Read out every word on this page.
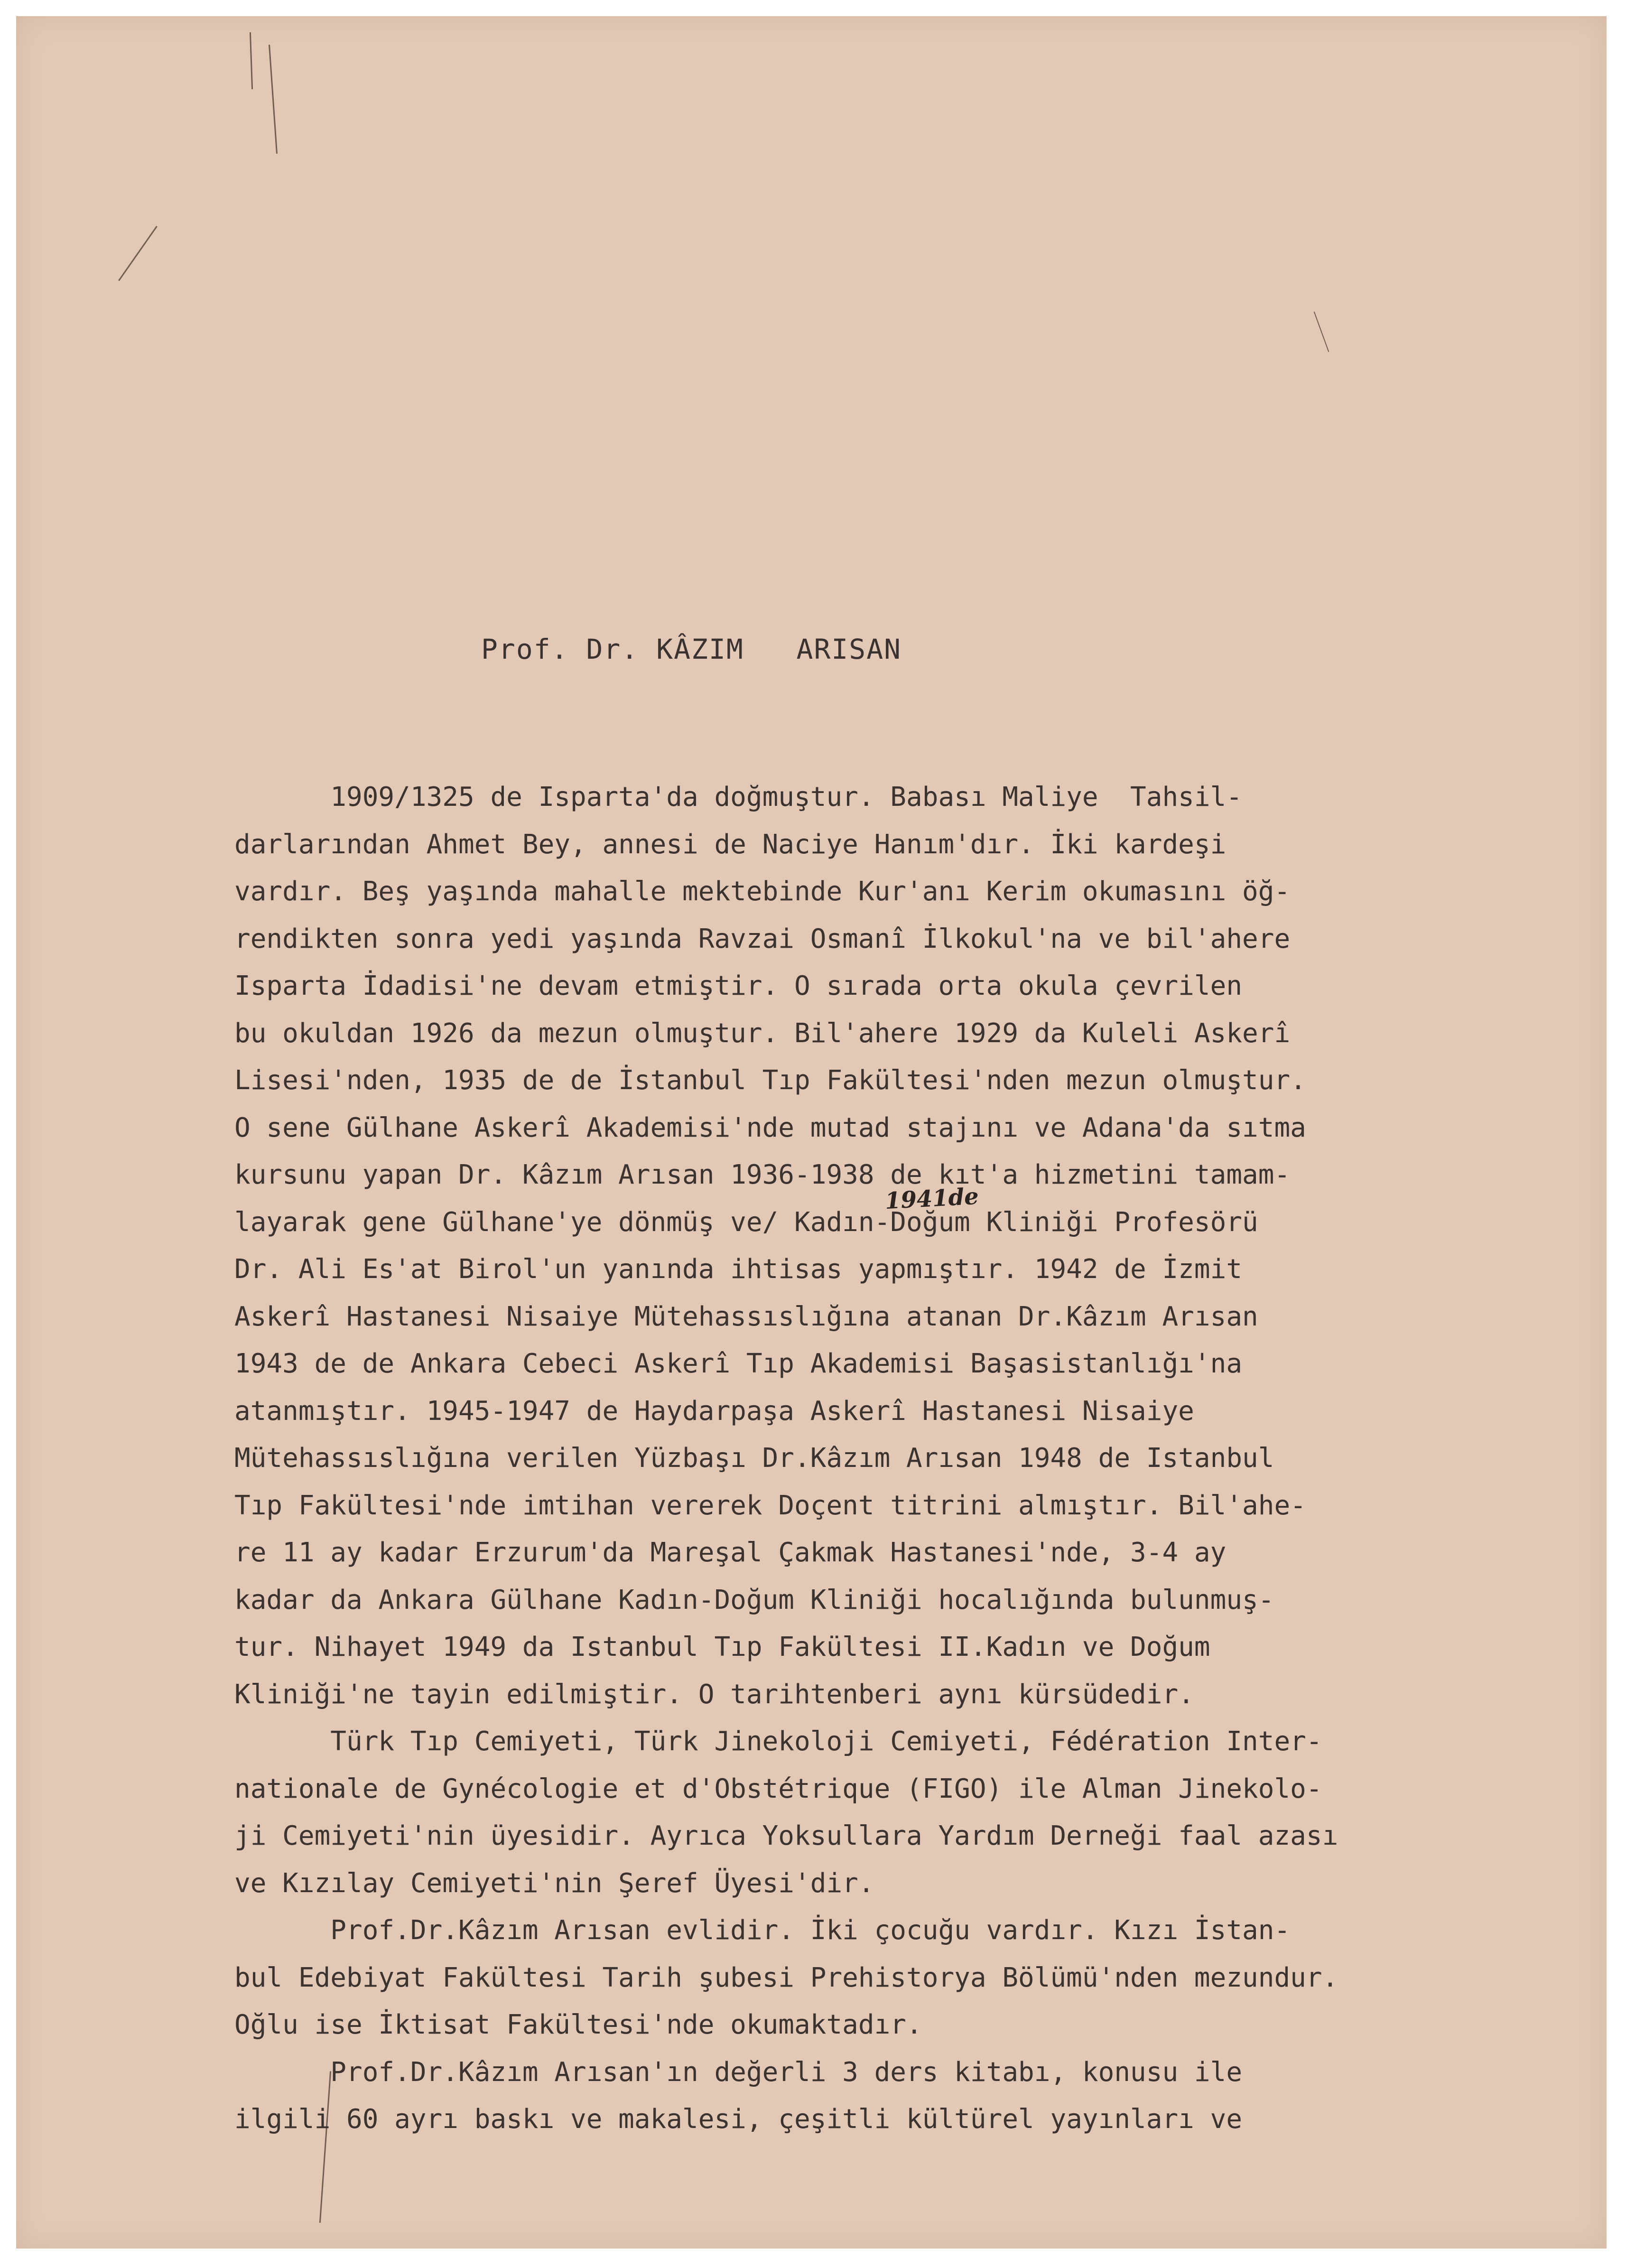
Prof. Dr. KÂZIM   ARISAN
1941de
1909/1325 de Isparta'da doğmuştur. Babası Maliye  Tahsil-
darlarından Ahmet Bey, annesi de Naciye Hanım'dır. İki kardeşi
vardır. Beş yaşında mahalle mektebinde Kur'anı Kerim okumasını öğ-
rendikten sonra yedi yaşında Ravzai Osmanî İlkokul'na ve bil'ahere
Isparta İdadisi'ne devam etmiştir. O sırada orta okula çevrilen
bu okuldan 1926 da mezun olmuştur. Bil'ahere 1929 da Kuleli Askerî
Lisesi'nden, 1935 de de İstanbul Tıp Fakültesi'nden mezun olmuştur.
O sene Gülhane Askerî Akademisi'nde mutad stajını ve Adana'da sıtma
kursunu yapan Dr. Kâzım Arısan 1936-1938 de kıt'a hizmetini tamam-
layarak gene Gülhane'ye dönmüş ve/ Kadın-Doğum Kliniği Profesörü
Dr. Ali Es'at Birol'un yanında ihtisas yapmıştır. 1942 de İzmit
Askerî Hastanesi Nisaiye Mütehassıslığına atanan Dr.Kâzım Arısan
1943 de de Ankara Cebeci Askerî Tıp Akademisi Başasistanlığı'na
atanmıştır. 1945-1947 de Haydarpaşa Askerî Hastanesi Nisaiye
Mütehassıslığına verilen Yüzbaşı Dr.Kâzım Arısan 1948 de Istanbul
Tıp Fakültesi'nde imtihan vererek Doçent titrini almıştır. Bil'ahe-
re 11 ay kadar Erzurum'da Mareşal Çakmak Hastanesi'nde, 3-4 ay
kadar da Ankara Gülhane Kadın-Doğum Kliniği hocalığında bulunmuş-
tur. Nihayet 1949 da Istanbul Tıp Fakültesi II.Kadın ve Doğum
Kliniği'ne tayin edilmiştir. O tarihtenberi aynı kürsüdedir.
Türk Tıp Cemiyeti, Türk Jinekoloji Cemiyeti, Fédération Inter-
nationale de Gynécologie et d'Obstétrique (FIGO) ile Alman Jinekolo-
ji Cemiyeti'nin üyesidir. Ayrıca Yoksullara Yardım Derneği faal azası
ve Kızılay Cemiyeti'nin Şeref Üyesi'dir.
Prof.Dr.Kâzım Arısan evlidir. İki çocuğu vardır. Kızı İstan-
bul Edebiyat Fakültesi Tarih şubesi Prehistorya Bölümü'nden mezundur.
Oğlu ise İktisat Fakültesi'nde okumaktadır.
Prof.Dr.Kâzım Arısan'ın değerli 3 ders kitabı, konusu ile
ilgili 60 ayrı baskı ve makalesi, çeşitli kültürel yayınları ve
